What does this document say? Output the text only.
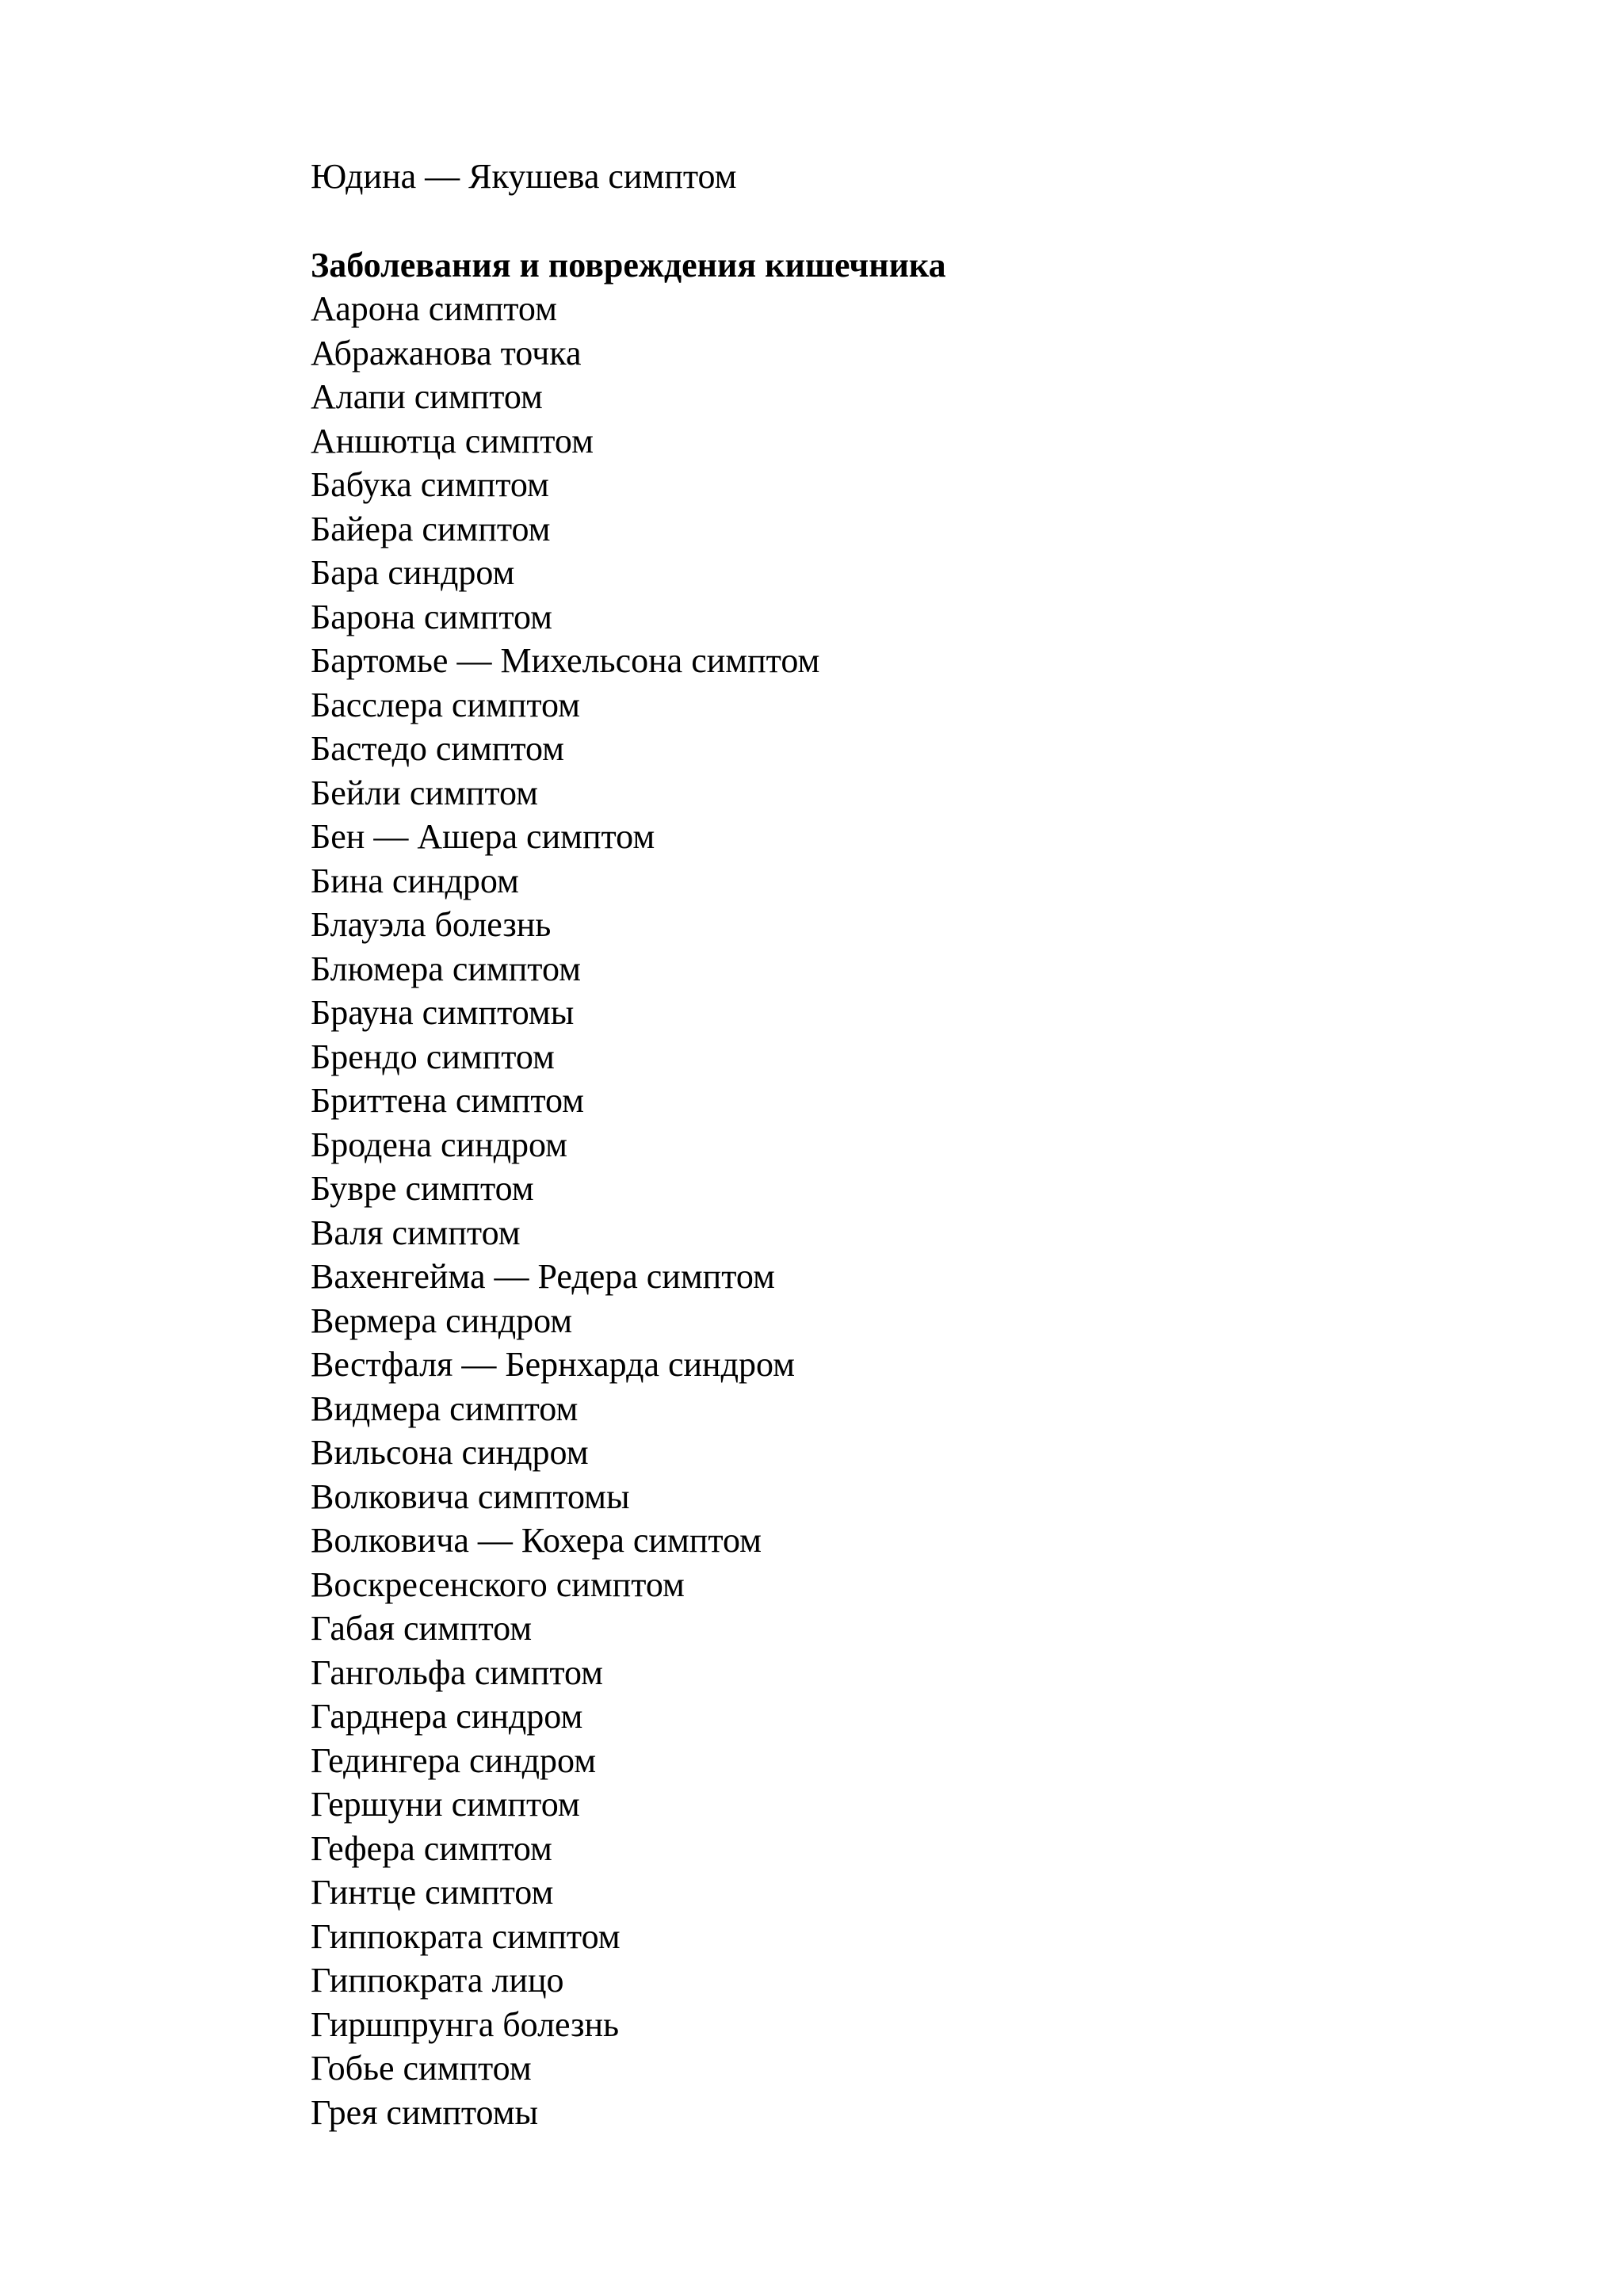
Юдина — Якушева симптом

Заболевания и повреждения кишечника

Аарона симптом
Абражанова точка
Алапи симптом
Аншютца симптом
Бабука симптом
Байера симптом
Бара синдром
Барона симптом
Бартомье — Михельсона симптом
Басслера симптом
Бастедо симптом
Бейли симптом
Бен — Ашера симптом
Бина синдром
Блауэла болезнь
Блюмера симптом
Брауна симптомы
Брендо симптом
Бриттена симптом
Бродена синдром
Бувре симптом
Валя симптом
Вахенгейма — Редера симптом
Вермера синдром
Вестфаля — Бернхарда синдром
Видмера симптом
Вильсона синдром
Волковича симптомы
Волковича — Кохера симптом
Воскресенского симптом
Габая симптом
Гангольфа симптом
Гарднера синдром
Гедингера синдром
Гершуни симптом
Гефера симптом
Гинтце симптом
Гиппократа симптом
Гиппократа лицо
Гиршпрунга болезнь
Гобье симптом
Грея симптомы
